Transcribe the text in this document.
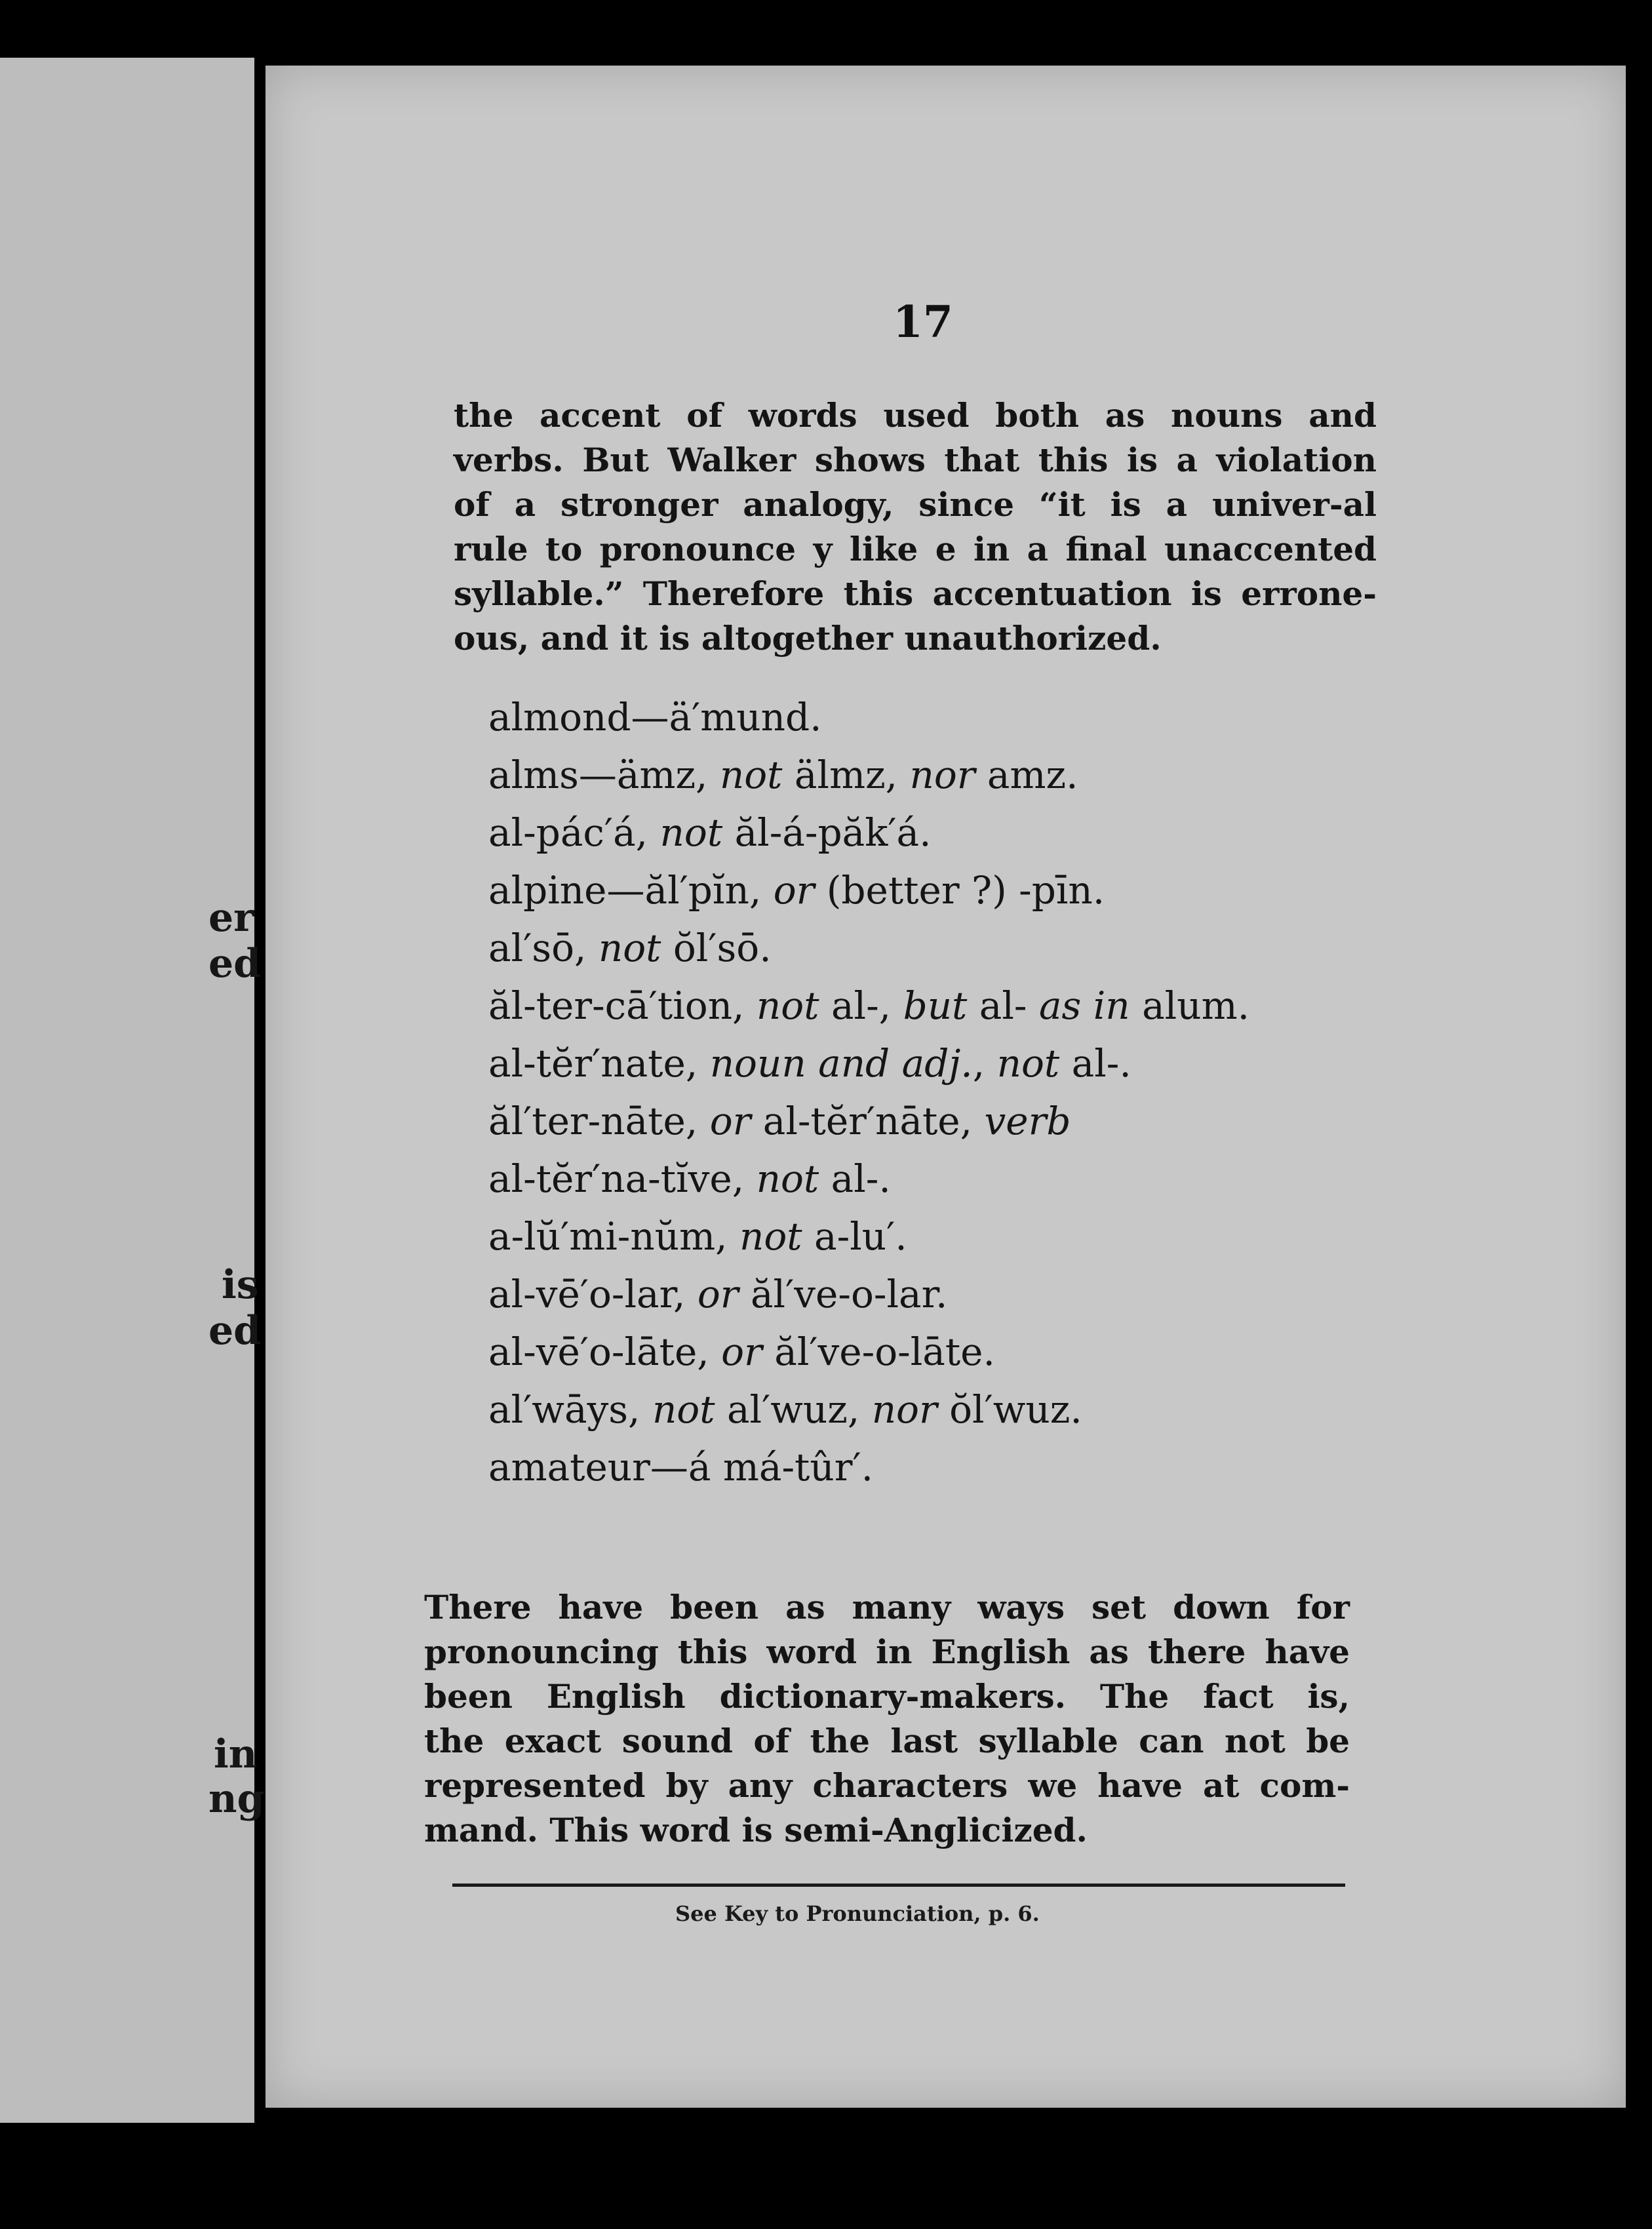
er
ed
is
ed
in
ng
17
the accent of words used both as nouns and
verbs. But Walker shows that this is a violation
of a stronger analogy, since “it is a univer-al
rule to pronounce y like e in a final unaccented
syllable.” Therefore this accentuation is errone-
ous, and it is altogether unauthorized.
almond—ä′mund.
alms—ämz, not älmz, nor amz.
al-pác′á, not ăl-á-păk′á.
alpine—ăl′pĭn, or (better ?) -pīn.
al′sō, not ŏl′sō.
ăl-ter-cā′tion, not al-, but al- as in alum.
al-tĕr′nate, noun and adj., not al-.
ăl′ter-nāte, or al-tĕr′nāte, verb
al-tĕr′na-tĭve, not al-.
a-lŭ′mi-nŭm, not a-lu′.
al-vē′o-lar, or ăl′ve-o-lar.
al-vē′o-lāte, or ăl′ve-o-lāte.
al′wāys, not al′wuz, nor ŏl′wuz.
amateur—á má-tûr′.
There have been as many ways set down for
pronouncing this word in English as there have
been English dictionary-makers. The fact is,
the exact sound of the last syllable can not be
represented by any characters we have at com-
mand. This word is semi-Anglicized.
See Key to Pronunciation, p. 6.
